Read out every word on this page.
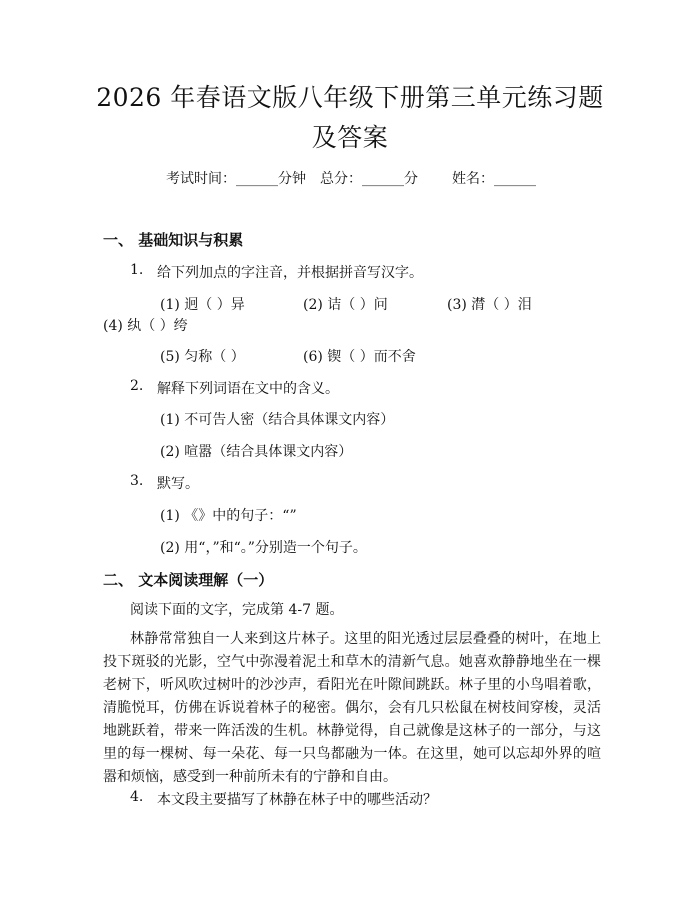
2026 年春语文版八年级下册第三单元练习题
及答案
考试时间：______分钟 总分：______分 姓名：______
一、 基础知识与积累
1. 给下列加点的字注音，并根据拼音写汉字。
(1) 迥（ ）异	(2) 诘（ ）问	(3) 潸（ ）泪
(4) 纨（ ）绔
(5) 匀称（ ）	(6) 锲（ ）而不舍
2. 解释下列词语在文中的含义。
(1) 不可告人密（结合具体课文内容）
(2) 喧嚣（结合具体课文内容）
3. 默写。
(1) 《》中的句子：“”
(2) 用“，”和“。”分别造一个句子。
二、 文本阅读理解（一）
阅读下面的文字，完成第 4-7 题。
林静常常独自一人来到这片林子。这里的阳光透过层层叠叠的树叶，在地上投下斑驳的光影，空气中弥漫着泥土和草木的清新气息。她喜欢静静地坐在一棵老树下，听风吹过树叶的沙沙声，看阳光在叶隙间跳跃。林子里的小鸟唱着歌，清脆悦耳，仿佛在诉说着林子的秘密。偶尔，会有几只松鼠在树枝间穿梭，灵活地跳跃着，带来一阵活泼的生机。林静觉得，自己就像是这林子的一部分，与这里的每一棵树、每一朵花、每一只鸟都融为一体。在这里，她可以忘却外界的喧嚣和烦恼，感受到一种前所未有的宁静和自由。
4. 本文段主要描写了林静在林子中的哪些活动？
